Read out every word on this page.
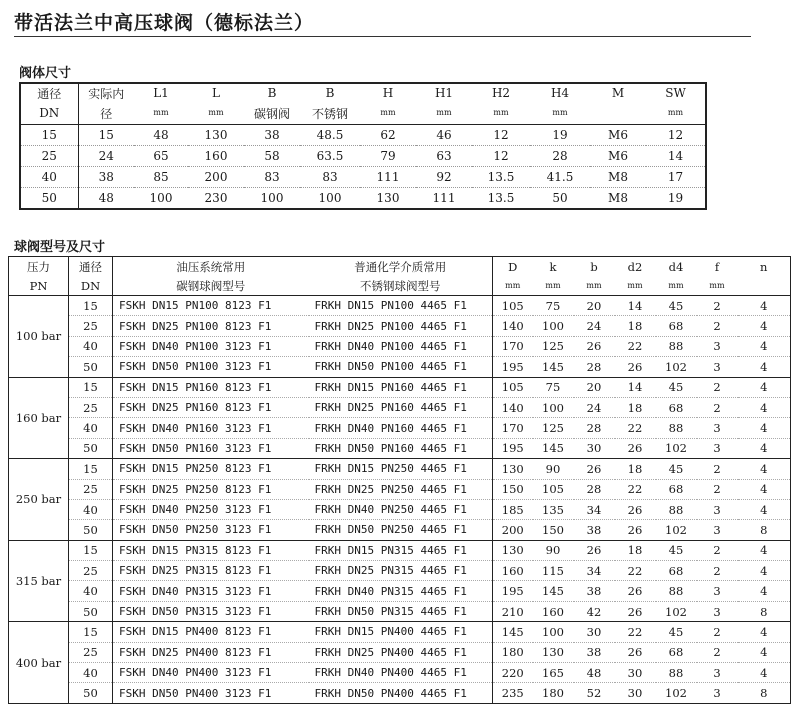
带活法兰中高压球阀（德标法兰）
阀体尺寸
通径	实际内	L1	L	B	B	H	H1	H2	H4	M	SW
DN	径	mm	mm	碳钢阀	不锈钢	mm	mm	mm	mm		mm
15	15	48	130	38	48.5	62	46	12	19	M6	12
25	24	65	160	58	63.5	79	63	12	28	M6	14
40	38	85	200	83	83	111	92	13.5	41.5	M8	17
50	48	100	230	100	100	130	111	13.5	50	M8	19
球阀型号及尺寸
压力	通径	油压系统常用	普通化学介质常用	D	k	b	d2	d4	f	n
PN	DN	碳钢球阀型号	不锈钢球阀型号	mm	mm	mm	mm	mm	mm	
100 bar	15	FSKH DN15 PN100 8123 F1	FRKH DN15 PN100 4465 F1	105	75	20	14	45	2	4
	25	FSKH DN25 PN100 8123 F1	FRKH DN25 PN100 4465 F1	140	100	24	18	68	2	4
	40	FSKH DN40 PN100 3123 F1	FRKH DN40 PN100 4465 F1	170	125	26	22	88	3	4
	50	FSKH DN50 PN100 3123 F1	FRKH DN50 PN100 4465 F1	195	145	28	26	102	3	4
160 bar	15	FSKH DN15 PN160 8123 F1	FRKH DN15 PN160 4465 F1	105	75	20	14	45	2	4
	25	FSKH DN25 PN160 8123 F1	FRKH DN25 PN160 4465 F1	140	100	24	18	68	2	4
	40	FSKH DN40 PN160 3123 F1	FRKH DN40 PN160 4465 F1	170	125	28	22	88	3	4
	50	FSKH DN50 PN160 3123 F1	FRKH DN50 PN160 4465 F1	195	145	30	26	102	3	4
250 bar	15	FSKH DN15 PN250 8123 F1	FRKH DN15 PN250 4465 F1	130	90	26	18	45	2	4
	25	FSKH DN25 PN250 8123 F1	FRKH DN25 PN250 4465 F1	150	105	28	22	68	2	4
	40	FSKH DN40 PN250 3123 F1	FRKH DN40 PN250 4465 F1	185	135	34	26	88	3	4
	50	FSKH DN50 PN250 3123 F1	FRKH DN50 PN250 4465 F1	200	150	38	26	102	3	8
315 bar	15	FSKH DN15 PN315 8123 F1	FRKH DN15 PN315 4465 F1	130	90	26	18	45	2	4
	25	FSKH DN25 PN315 8123 F1	FRKH DN25 PN315 4465 F1	160	115	34	22	68	2	4
	40	FSKH DN40 PN315 3123 F1	FRKH DN40 PN315 4465 F1	195	145	38	26	88	3	4
	50	FSKH DN50 PN315 3123 F1	FRKH DN50 PN315 4465 F1	210	160	42	26	102	3	8
400 bar	15	FSKH DN15 PN400 8123 F1	FRKH DN15 PN400 4465 F1	145	100	30	22	45	2	4
	25	FSKH DN25 PN400 8123 F1	FRKH DN25 PN400 4465 F1	180	130	38	26	68	2	4
	40	FSKH DN40 PN400 3123 F1	FRKH DN40 PN400 4465 F1	220	165	48	30	88	3	4
	50	FSKH DN50 PN400 3123 F1	FRKH DN50 PN400 4465 F1	235	180	52	30	102	3	8
